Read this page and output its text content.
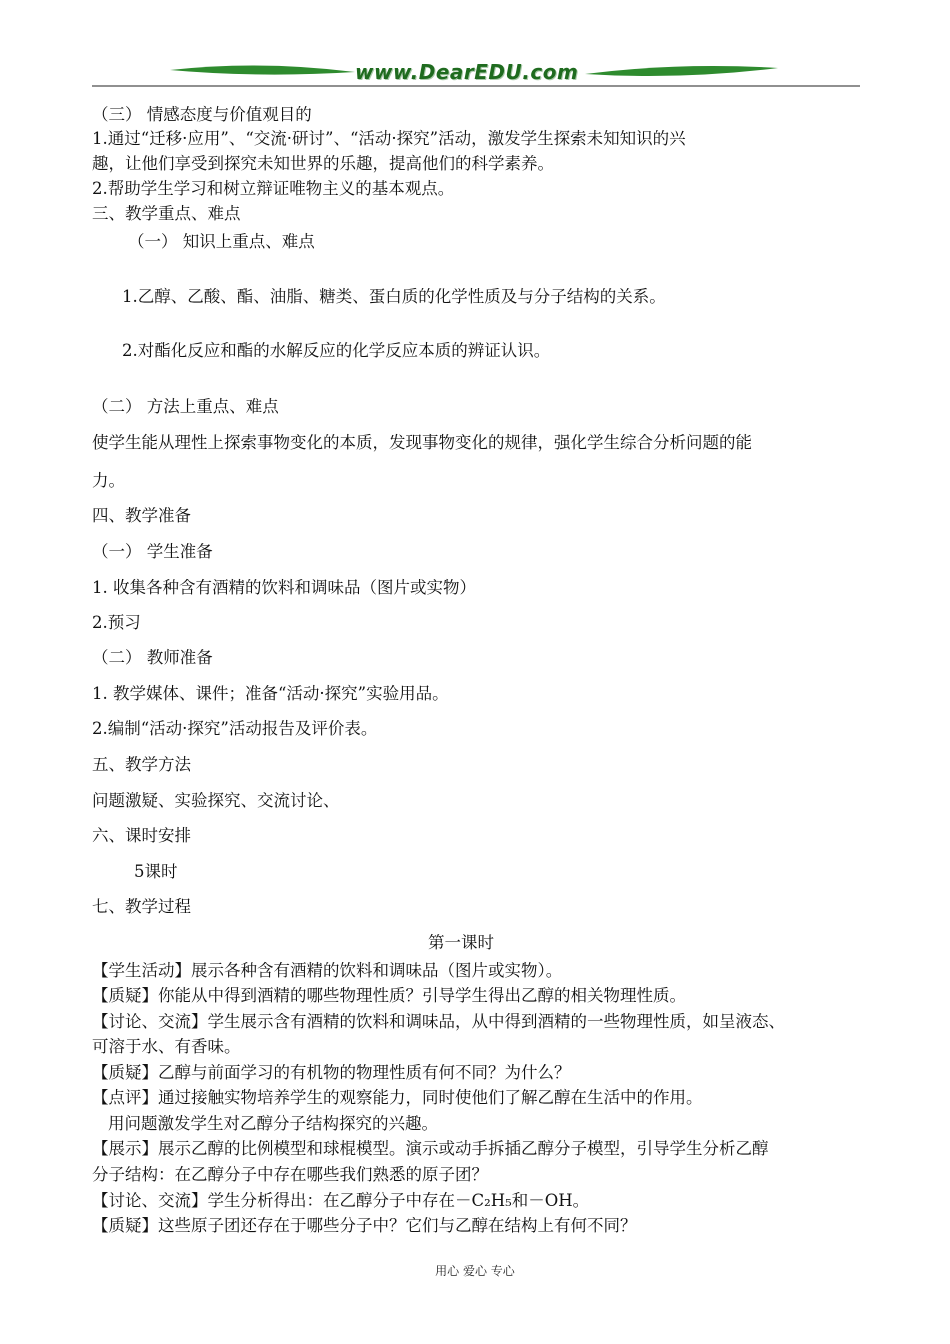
www.DearEDU.com
（三） 情感态度与价值观目的
1.通过“迁移·应用”、“交流·研讨”、“活动·探究”活动，激发学生探索未知知识的兴
趣，让他们享受到探究未知世界的乐趣，提高他们的科学素养。
2.帮助学生学习和树立辩证唯物主义的基本观点。
三、教学重点、难点
（一） 知识上重点、难点
1.乙醇、乙酸、酯、油脂、糖类、蛋白质的化学性质及与分子结构的关系。
2.对酯化反应和酯的水解反应的化学反应本质的辨证认识。
（二） 方法上重点、难点
使学生能从理性上探索事物变化的本质，发现事物变化的规律，强化学生综合分析问题的能
力。
四、教学准备
（一） 学生准备
1. 收集各种含有酒精的饮料和调味品（图片或实物）
2.预习
（二） 教师准备
1. 教学媒体、课件；准备“活动·探究”实验用品。
2.编制“活动·探究”活动报告及评价表。
五、教学方法
问题激疑、实验探究、交流讨论、
六、课时安排
5课时
七、教学过程
第一课时
【学生活动】展示各种含有酒精的饮料和调味品（图片或实物）。
【质疑】你能从中得到酒精的哪些物理性质？引导学生得出乙醇的相关物理性质。
【讨论、交流】学生展示含有酒精的饮料和调味品，从中得到酒精的一些物理性质，如呈液态、
可溶于水、有香味。
【质疑】乙醇与前面学习的有机物的物理性质有何不同？为什么？
【点评】通过接触实物培养学生的观察能力，同时使他们了解乙醇在生活中的作用。
用问题激发学生对乙醇分子结构探究的兴趣。
【展示】展示乙醇的比例模型和球棍模型。演示或动手拆插乙醇分子模型，引导学生分析乙醇
分子结构：在乙醇分子中存在哪些我们熟悉的原子团？
【讨论、交流】学生分析得出：在乙醇分子中存在－C₂H₅和－OH。
【质疑】这些原子团还存在于哪些分子中？它们与乙醇在结构上有何不同？
用心 爱心 专心
